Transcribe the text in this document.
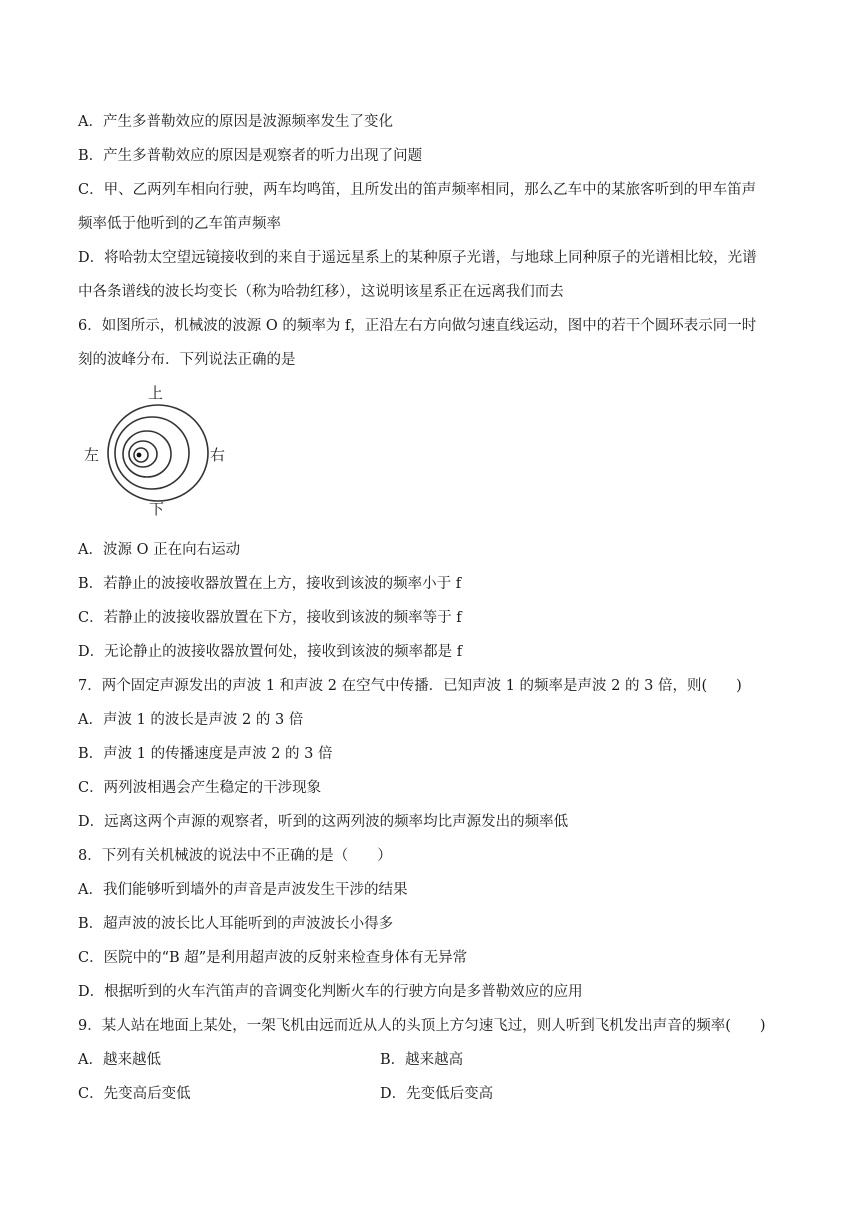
A．产生多普勒效应的原因是波源频率发生了变化
B．产生多普勒效应的原因是观察者的听力出现了问题
C．甲、乙两列车相向行驶，两车均鸣笛，且所发出的笛声频率相同，那么乙车中的某旅客听到的甲车笛声
频率低于他听到的乙车笛声频率
D．将哈勃太空望远镜接收到的来自于遥远星系上的某种原子光谱，与地球上同种原子的光谱相比较，光谱
中各条谱线的波长均变长（称为哈勃红移），这说明该星系正在远离我们而去
6．如图所示，机械波的波源 O 的频率为 f，正沿左右方向做匀速直线运动，图中的若干个圆环表示同一时
刻的波峰分布．下列说法正确的是
A．波源 O 正在向右运动
B．若静止的波接收器放置在上方，接收到该波的频率小于 f
C．若静止的波接收器放置在下方，接收到该波的频率等于 f
D．无论静止的波接收器放置何处，接收到该波的频率都是 f
7．两个固定声源发出的声波 1 和声波 2 在空气中传播．已知声波 1 的频率是声波 2 的 3 倍，则(　　)
A．声波 1 的波长是声波 2 的 3 倍
B．声波 1 的传播速度是声波 2 的 3 倍
C．两列波相遇会产生稳定的干涉现象
D．远离这两个声源的观察者，听到的这两列波的频率均比声源发出的频率低
8．下列有关机械波的说法中不正确的是（　　）
A．我们能够听到墙外的声音是声波发生干涉的结果
B．超声波的波长比人耳能听到的声波波长小得多
C．医院中的“B 超”是利用超声波的反射来检查身体有无异常
D．根据听到的火车汽笛声的音调变化判断火车的行驶方向是多普勒效应的应用
9．某人站在地面上某处，一架飞机由远而近从人的头顶上方匀速飞过，则人听到飞机发出声音的频率(　　)
A．越来越低	B．越来越高
C．先变高后变低	D．先变低后变高
上
下
左	右
